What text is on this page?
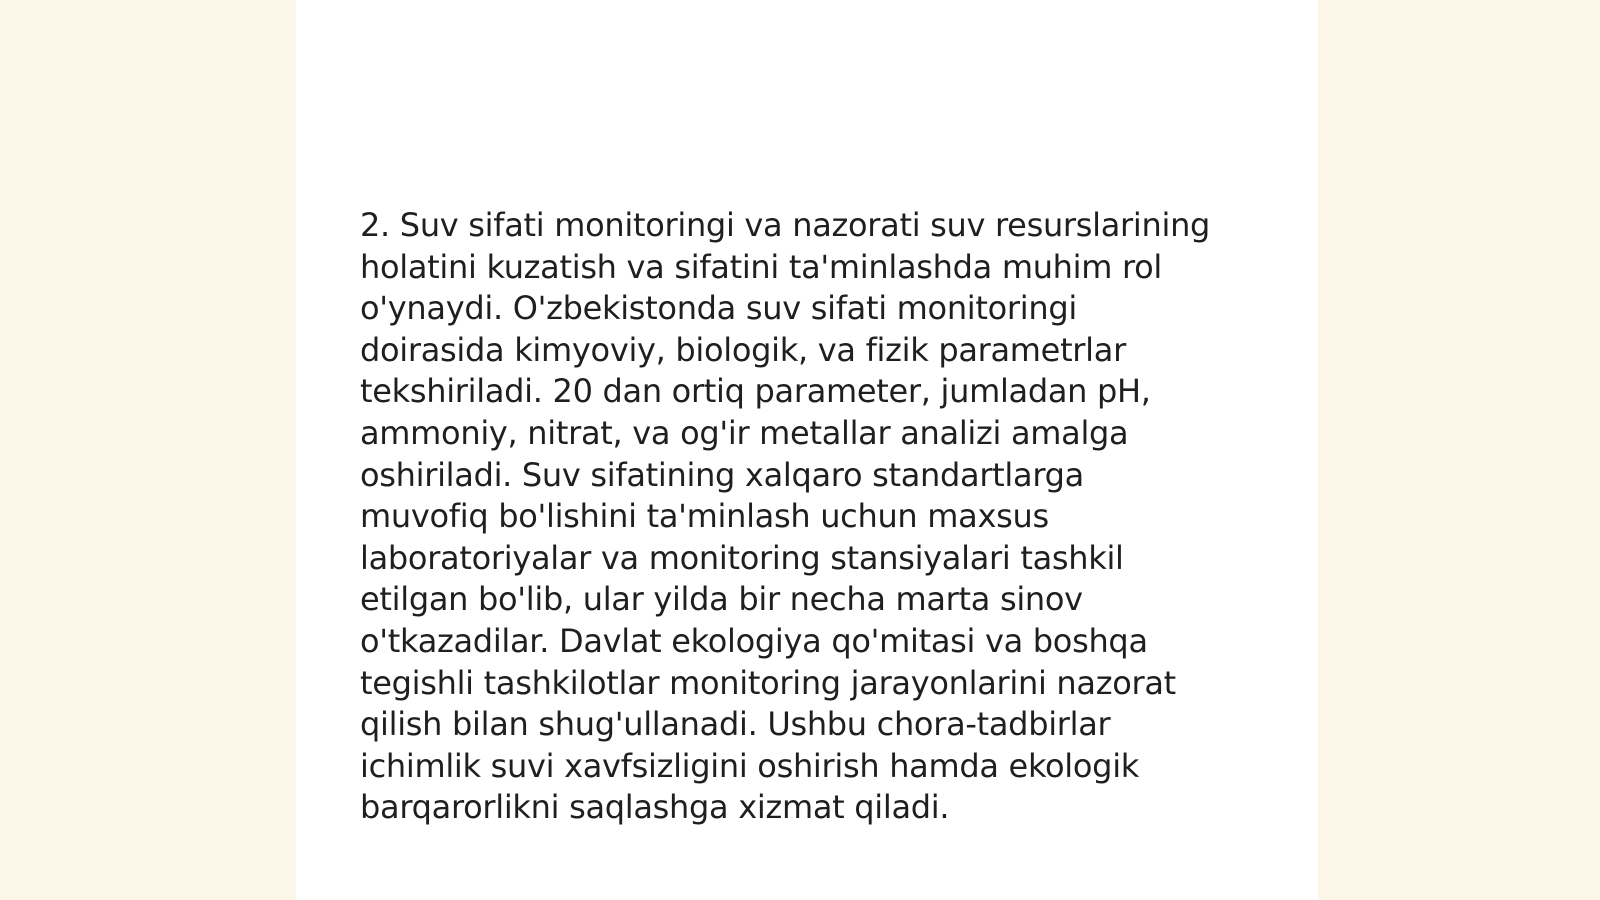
2. Suv sifati monitoringi va nazorati suv resurslarining
holatini kuzatish va sifatini ta'minlashda muhim rol
o'ynaydi. O'zbekistonda suv sifati monitoringi
doirasida kimyoviy, biologik, va fizik parametrlar
tekshiriladi. 20 dan ortiq parameter, jumladan pH,
ammoniy, nitrat, va og'ir metallar analizi amalga
oshiriladi. Suv sifatining xalqaro standartlarga
muvofiq bo'lishini ta'minlash uchun maxsus
laboratoriyalar va monitoring stansiyalari tashkil
etilgan bo'lib, ular yilda bir necha marta sinov
o'tkazadilar. Davlat ekologiya qo'mitasi va boshqa
tegishli tashkilotlar monitoring jarayonlarini nazorat
qilish bilan shug'ullanadi. Ushbu chora-tadbirlar
ichimlik suvi xavfsizligini oshirish hamda ekologik
barqarorlikni saqlashga xizmat qiladi.
